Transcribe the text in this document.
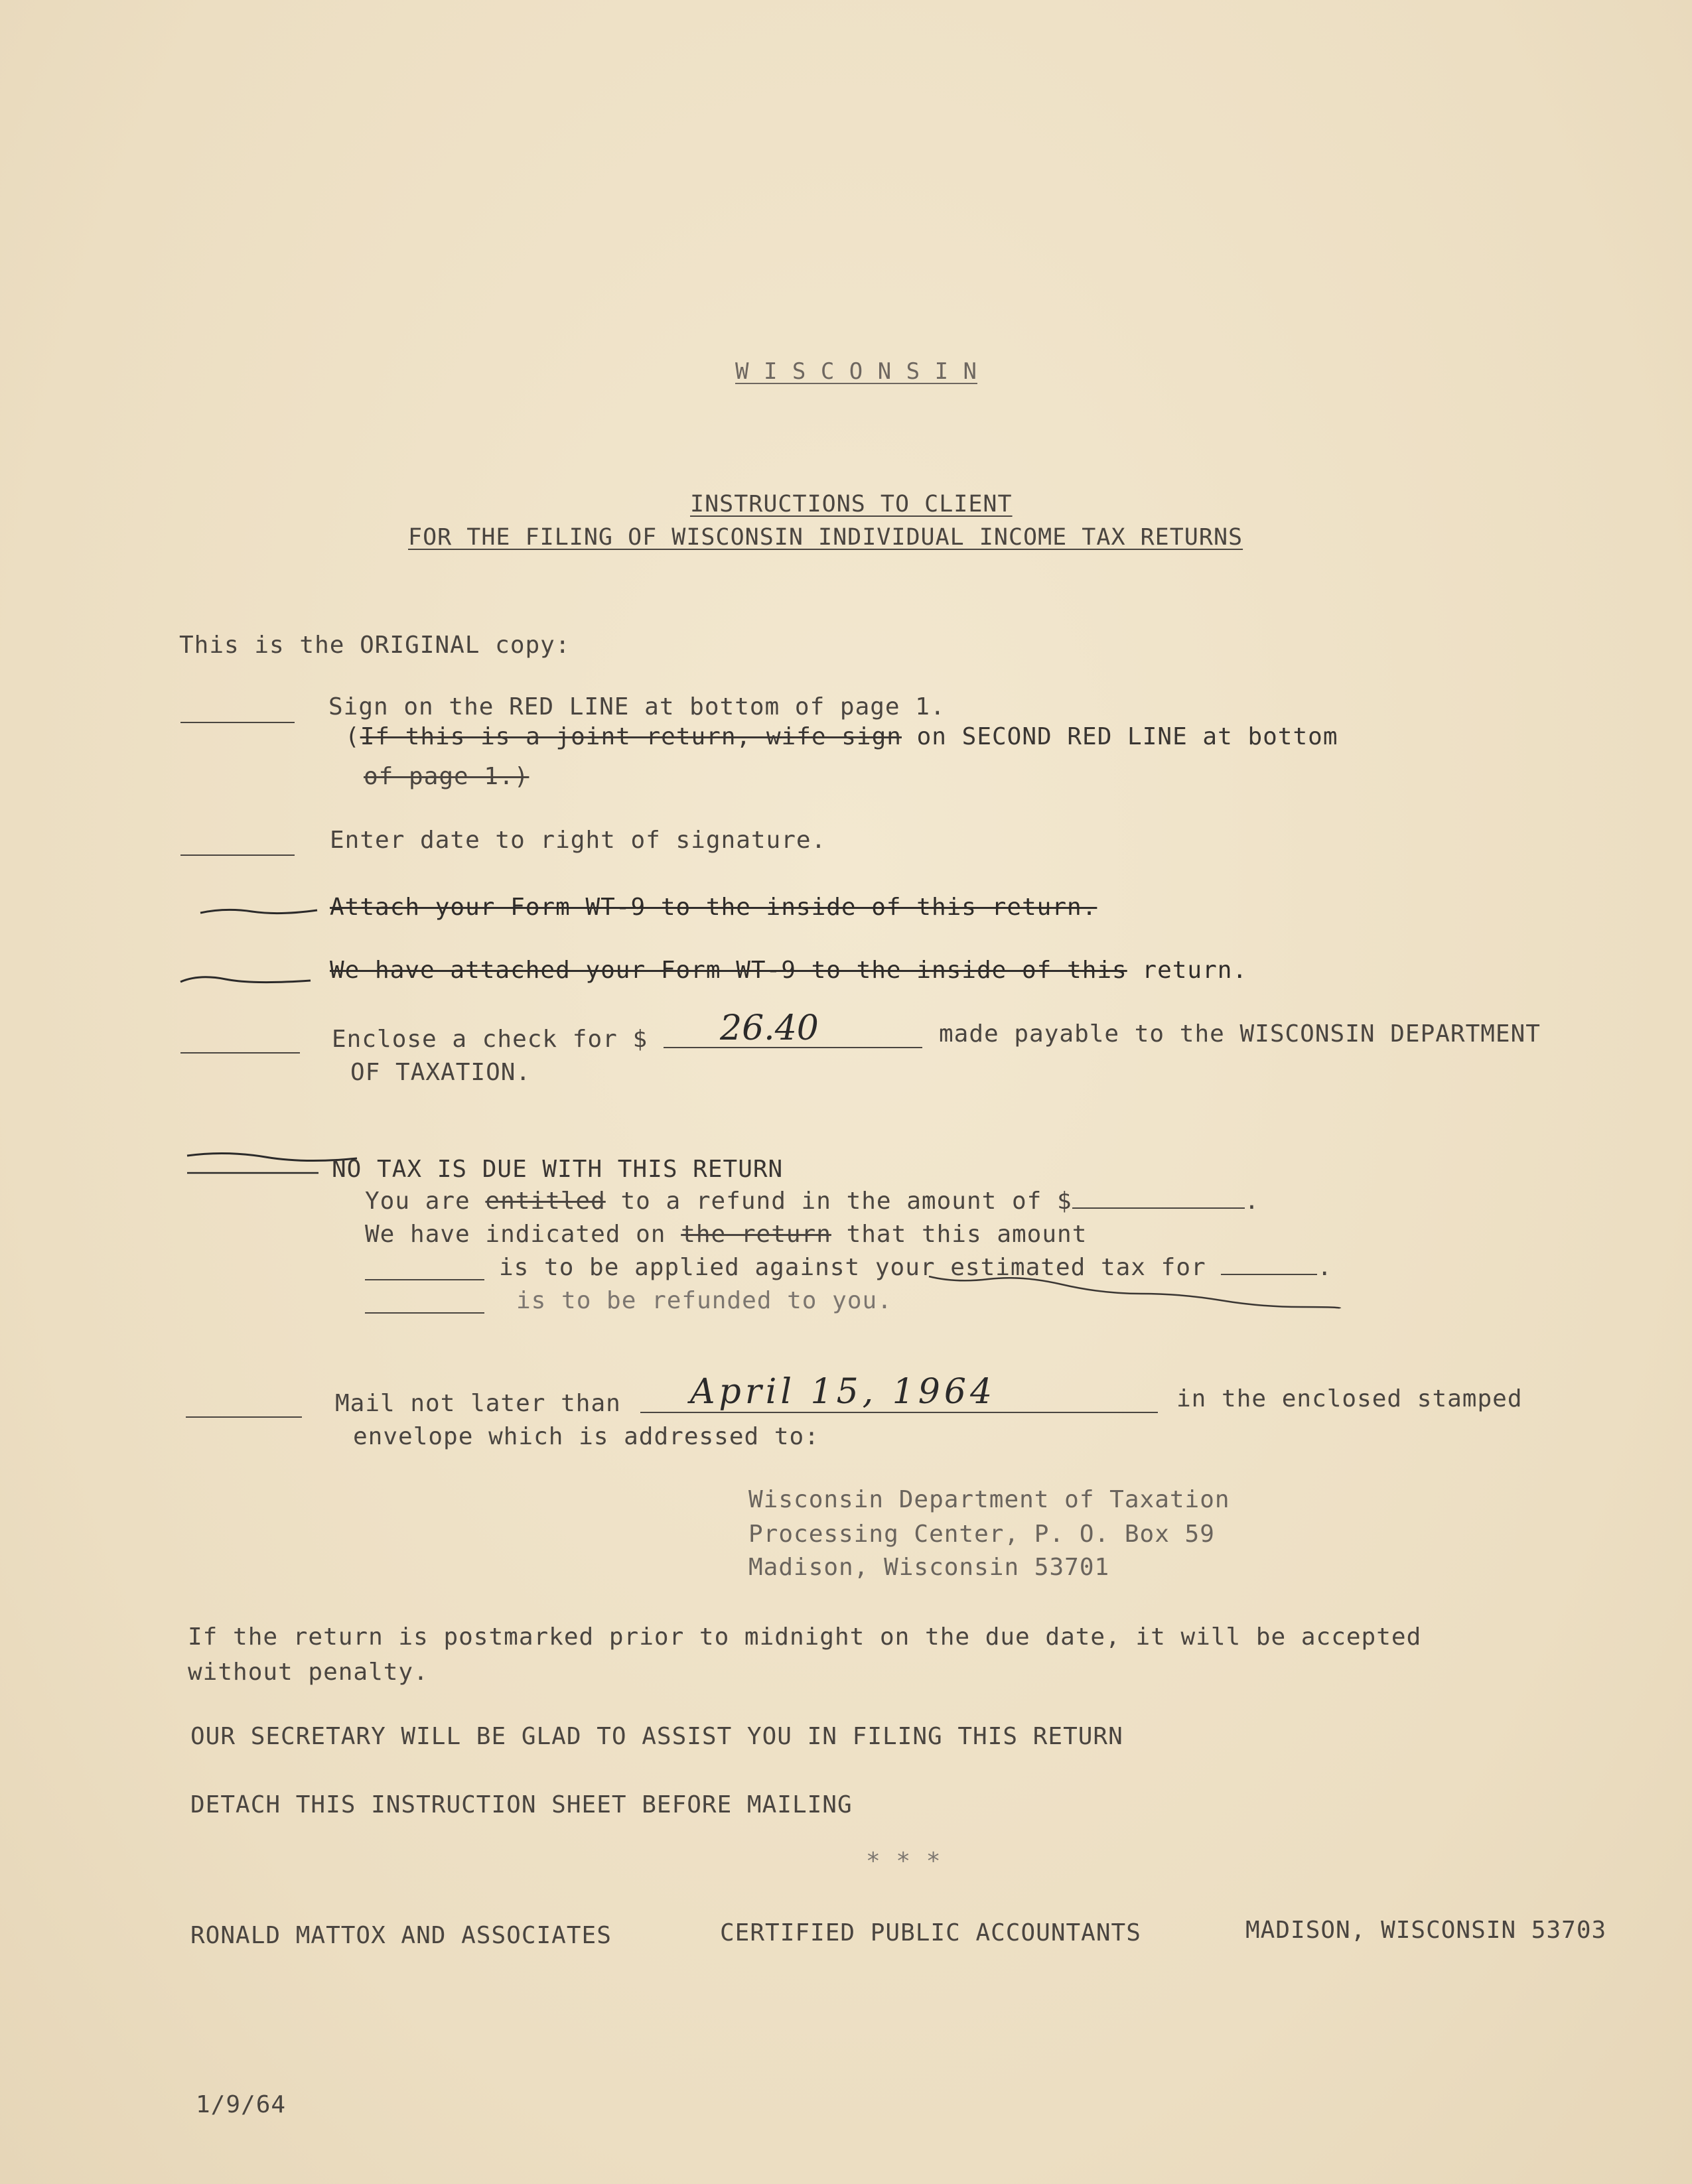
W I S C O N S I N
INSTRUCTIONS TO CLIENT
FOR THE FILING OF WISCONSIN INDIVIDUAL INCOME TAX RETURNS
This is the ORIGINAL copy:
Sign on the RED LINE at bottom of page 1.
(If this is a joint return, wife sign on SECOND RED LINE at bottom
of page 1.)
Enter date to right of signature.
Attach your Form WT-9 to the inside of this return.
We have attached your Form WT-9 to the inside of this return.
Enclose a check for $ 26.40	made payable to the WISCONSIN DEPARTMENT
OF TAXATION.
NO TAX IS DUE WITH THIS RETURN
You are entitled to a refund in the amount of $	.
We have indicated on the return that this amount
is to be applied against your estimated tax for	.
is to be refunded to you.
Mail not later than April 15, 1964	in the enclosed stamped
envelope which is addressed to:
Wisconsin Department of Taxation
Processing Center, P. O. Box 59
Madison, Wisconsin 53701
If the return is postmarked prior to midnight on the due date, it will be accepted
without penalty.
OUR SECRETARY WILL BE GLAD TO ASSIST YOU IN FILING THIS RETURN
DETACH THIS INSTRUCTION SHEET BEFORE MAILING
* * *
RONALD MATTOX AND ASSOCIATES	CERTIFIED PUBLIC ACCOUNTANTS	MADISON, WISCONSIN 53703
1/9/64
